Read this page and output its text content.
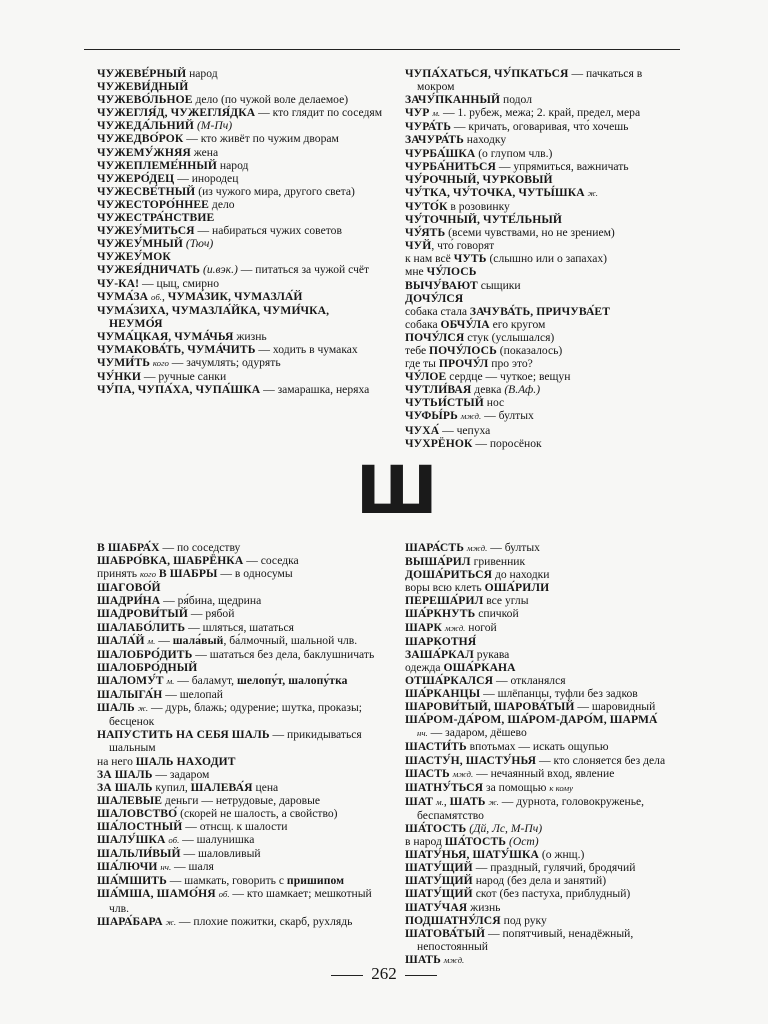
ЧУЖЕВЕ́РНЫЙ народ
ЧУЖЕВИ́ДНЫЙ
ЧУЖЕВО́ЛЬНОЕ дело (по чужой воле делаемое)
ЧУЖЕГЛЯ́Д, ЧУЖЕГЛЯ́ДКА — кто глядит по соседям
ЧУЖЕДА́ЛЬНИЙ (М-Пч)
ЧУЖЕДВО́РОК — кто живёт по чужим дворам
ЧУЖЕМУ́ЖНЯЯ жена
ЧУЖЕПЛЕМЕ́ННЫЙ народ
ЧУЖЕРО́ДЕЦ — инородец
ЧУЖЕСВЕ́ТНЫЙ (из чужого мира, другого света)
ЧУЖЕСТОРО́ННЕЕ дело
ЧУЖЕСТРА́НСТВИЕ
ЧУЖЕУ́МИТЬСЯ — набираться чужих советов
ЧУЖЕУ́МНЫЙ (Тюч)
ЧУЖЕУ́МОК
ЧУЖЕЯ́ДНИЧАТЬ (и.вэк.) — питаться за чужой счёт
ЧУ-КА! — цыц, смирно
ЧУМА́ЗА об., ЧУМА́ЗИК, ЧУМАЗЛА́Й
ЧУМА́ЗИХА, ЧУМАЗЛА́ЙКА, ЧУМИ́ЧКА, НЕУМО́Я
ЧУМА́ЦКАЯ, ЧУМА́ЧЬЯ жизнь
ЧУМАКОВА́ТЬ, ЧУМА́ЧИТЬ — ходить в чумаках
ЧУМИ́ТЬ кого — зачумлять; одурять
ЧУ́НКИ — ручные санки
ЧУ́ПА, ЧУПА́ХА, ЧУПА́ШКА — замарашка, неряха
ЧУПА́ХАТЬСЯ, ЧУ́ПКАТЬСЯ — пачкаться в мокром
ЗАЧУ́ПКАННЫЙ подол
ЧУР м. — 1. рубеж, межа; 2. край, предел, мера
ЧУРА́ТЬ — кричать, оговаривая, что́ хочешь
ЗАЧУРА́ТЬ находку
ЧУРБА́ШКА (о глупом члв.)
ЧУРБА́НИТЬСЯ — упрямиться, важничать
ЧУ́РОЧНЫЙ, ЧУРКОВЫЙ
ЧУ́ТКА, ЧУ́ТОЧКА, ЧУТЫ́ШКА ж.
ЧУТО́К в розовинку
ЧУ́ТОЧНЫЙ, ЧУТЕ́ЛЬНЫЙ
ЧУ́ЯТЬ (всеми чувствами, но не зрением)
ЧУЙ, что́ говорят
к нам всё ЧУТЬ (слышно или о запахах)
мне ЧУ́ЛОСЬ
ВЫЧУ́ВАЮТ сыщики
ДОЧУ́ЛСЯ
собака стала ЗАЧУВА́ТЬ, ПРИЧУВА́ЕТ
собака ОБЧУ́ЛА его кругом
ПОЧУ́ЛСЯ стук (услышался)
тебе ПОЧУ́ЛОСЬ (показалось)
где ты ПРОЧУ́Л про это?
ЧУ́ЛОЕ сердце — чуткое; вещун
ЧУТЛИ́ВАЯ девка (В.Аф.)
ЧУТЬИ́СТЫЙ нос
ЧУФЫ́РЬ мжд. — бултых
ЧУХА́ — чепуха
ЧУХРЁНОК — поросёнок
Ш
В ШАБРА́Х — по соседству
ШАБРО́ВКА, ШАБРЁНКА — соседка
принять кого В ШАБРЫ — в односумы
ШАГОВО́Й
ШАДРИ́НА — ря́бина, щедрина
ШАДРОВИ́ТЫЙ — рябой
ШАЛАБО́ЛИТЬ — шляться, шататься
ШАЛА́Й м. — шала́вый, ба́лмочный, шальной члв.
ШАЛОБРО́ДИТЬ — шататься без дела, баклушничать
ШАЛОБРО́ДНЫЙ
ШАЛОМУ́Т м. — баламут, шелопу́т, шалопу́тка
ШАЛЫГА́Н — шелопай
ШАЛЬ ж. — дурь, блажь; одурение; шутка, проказы; бесценок
НАПУСТИТЬ НА СЕБЯ ШАЛЬ — прикидываться шальным
на него ШАЛЬ НАХОДИТ
ЗА ШАЛЬ — задаром
ЗА ШАЛЬ купил, ШАЛЕВА́Я цена
ШАЛЕВЫЕ деньги — нетрудовые, даровые
ШАЛОВСТВО́ (скорей не шалость, а свойство)
ША́ЛОСТНЫЙ — отнсщ. к шалости
ШАЛУ́ШКА об. — шалунишка
ШАЛЬЛИ́ВЫЙ — шаловливый
ША́ЛЮЧИ нч. — шаля
ША́МШИТЬ — шамкать, говорить с пришипом
ША́МША, ШАМО́НЯ об. — кто шамкает; мешкотный члв.
ШАРА́БАРА ж. — плохие пожитки, скарб, рухлядь
ШАРА́СТЬ мжд. — бултых
ВЫША́РИЛ гривенник
ДОША́РИТЬСЯ до находки
воры всю клеть ОША́РИЛИ
ПЕРЕША́РИЛ все углы
ША́РКНУТЬ спичкой
ШАРК мжд. ногой
ШАРКОТНЯ́
ЗАША́РКАЛ рукава
одежда ОША́РКАНА
ОТША́РКАЛСЯ — откланялся
ША́РКАНЦЫ — шлёпанцы, туфли без задков
ШАРОВИ́ТЫЙ, ШАРОВА́ТЫЙ — шаровидный
ША́РОМ-ДА́РОМ, ША́РОМ-ДАРО́М, ШАРМА́ нч. — задаром, дёшево
ШАСТИ́ТЬ впотьмах — искать ощупью
ШАСТУ́Н, ШАСТУ́НЬЯ — кто слоняется без дела
ШАСТЬ мжд. — нечаянный вход, явление
ШАТНУ́ТЬСЯ за помощью к кому
ШАТ м., ШАТЬ ж. — дурнота, головокруженье, беспамятство
ША́ТОСТЬ (Дй, Лс, М-Пч)
в народ ША́ТОСТЬ (Ост)
ШАТУ́НЬЯ, ШАТУ́ШКА (о жнщ.)
ШАТУ́ЩИЙ — праздный, гулячий, бродячий
ШАТУ́ЩИЙ народ (без дела и занятий)
ШАТУ́ЩИЙ скот (без пастуха, приблудный)
ШАТУ́ЧАЯ жизнь
ПОДШАТНУ́ЛСЯ под руку
ШАТОВА́ТЫЙ — попятчивый, ненадёжный, непостоянный
ШАТЬ мжд.
262
